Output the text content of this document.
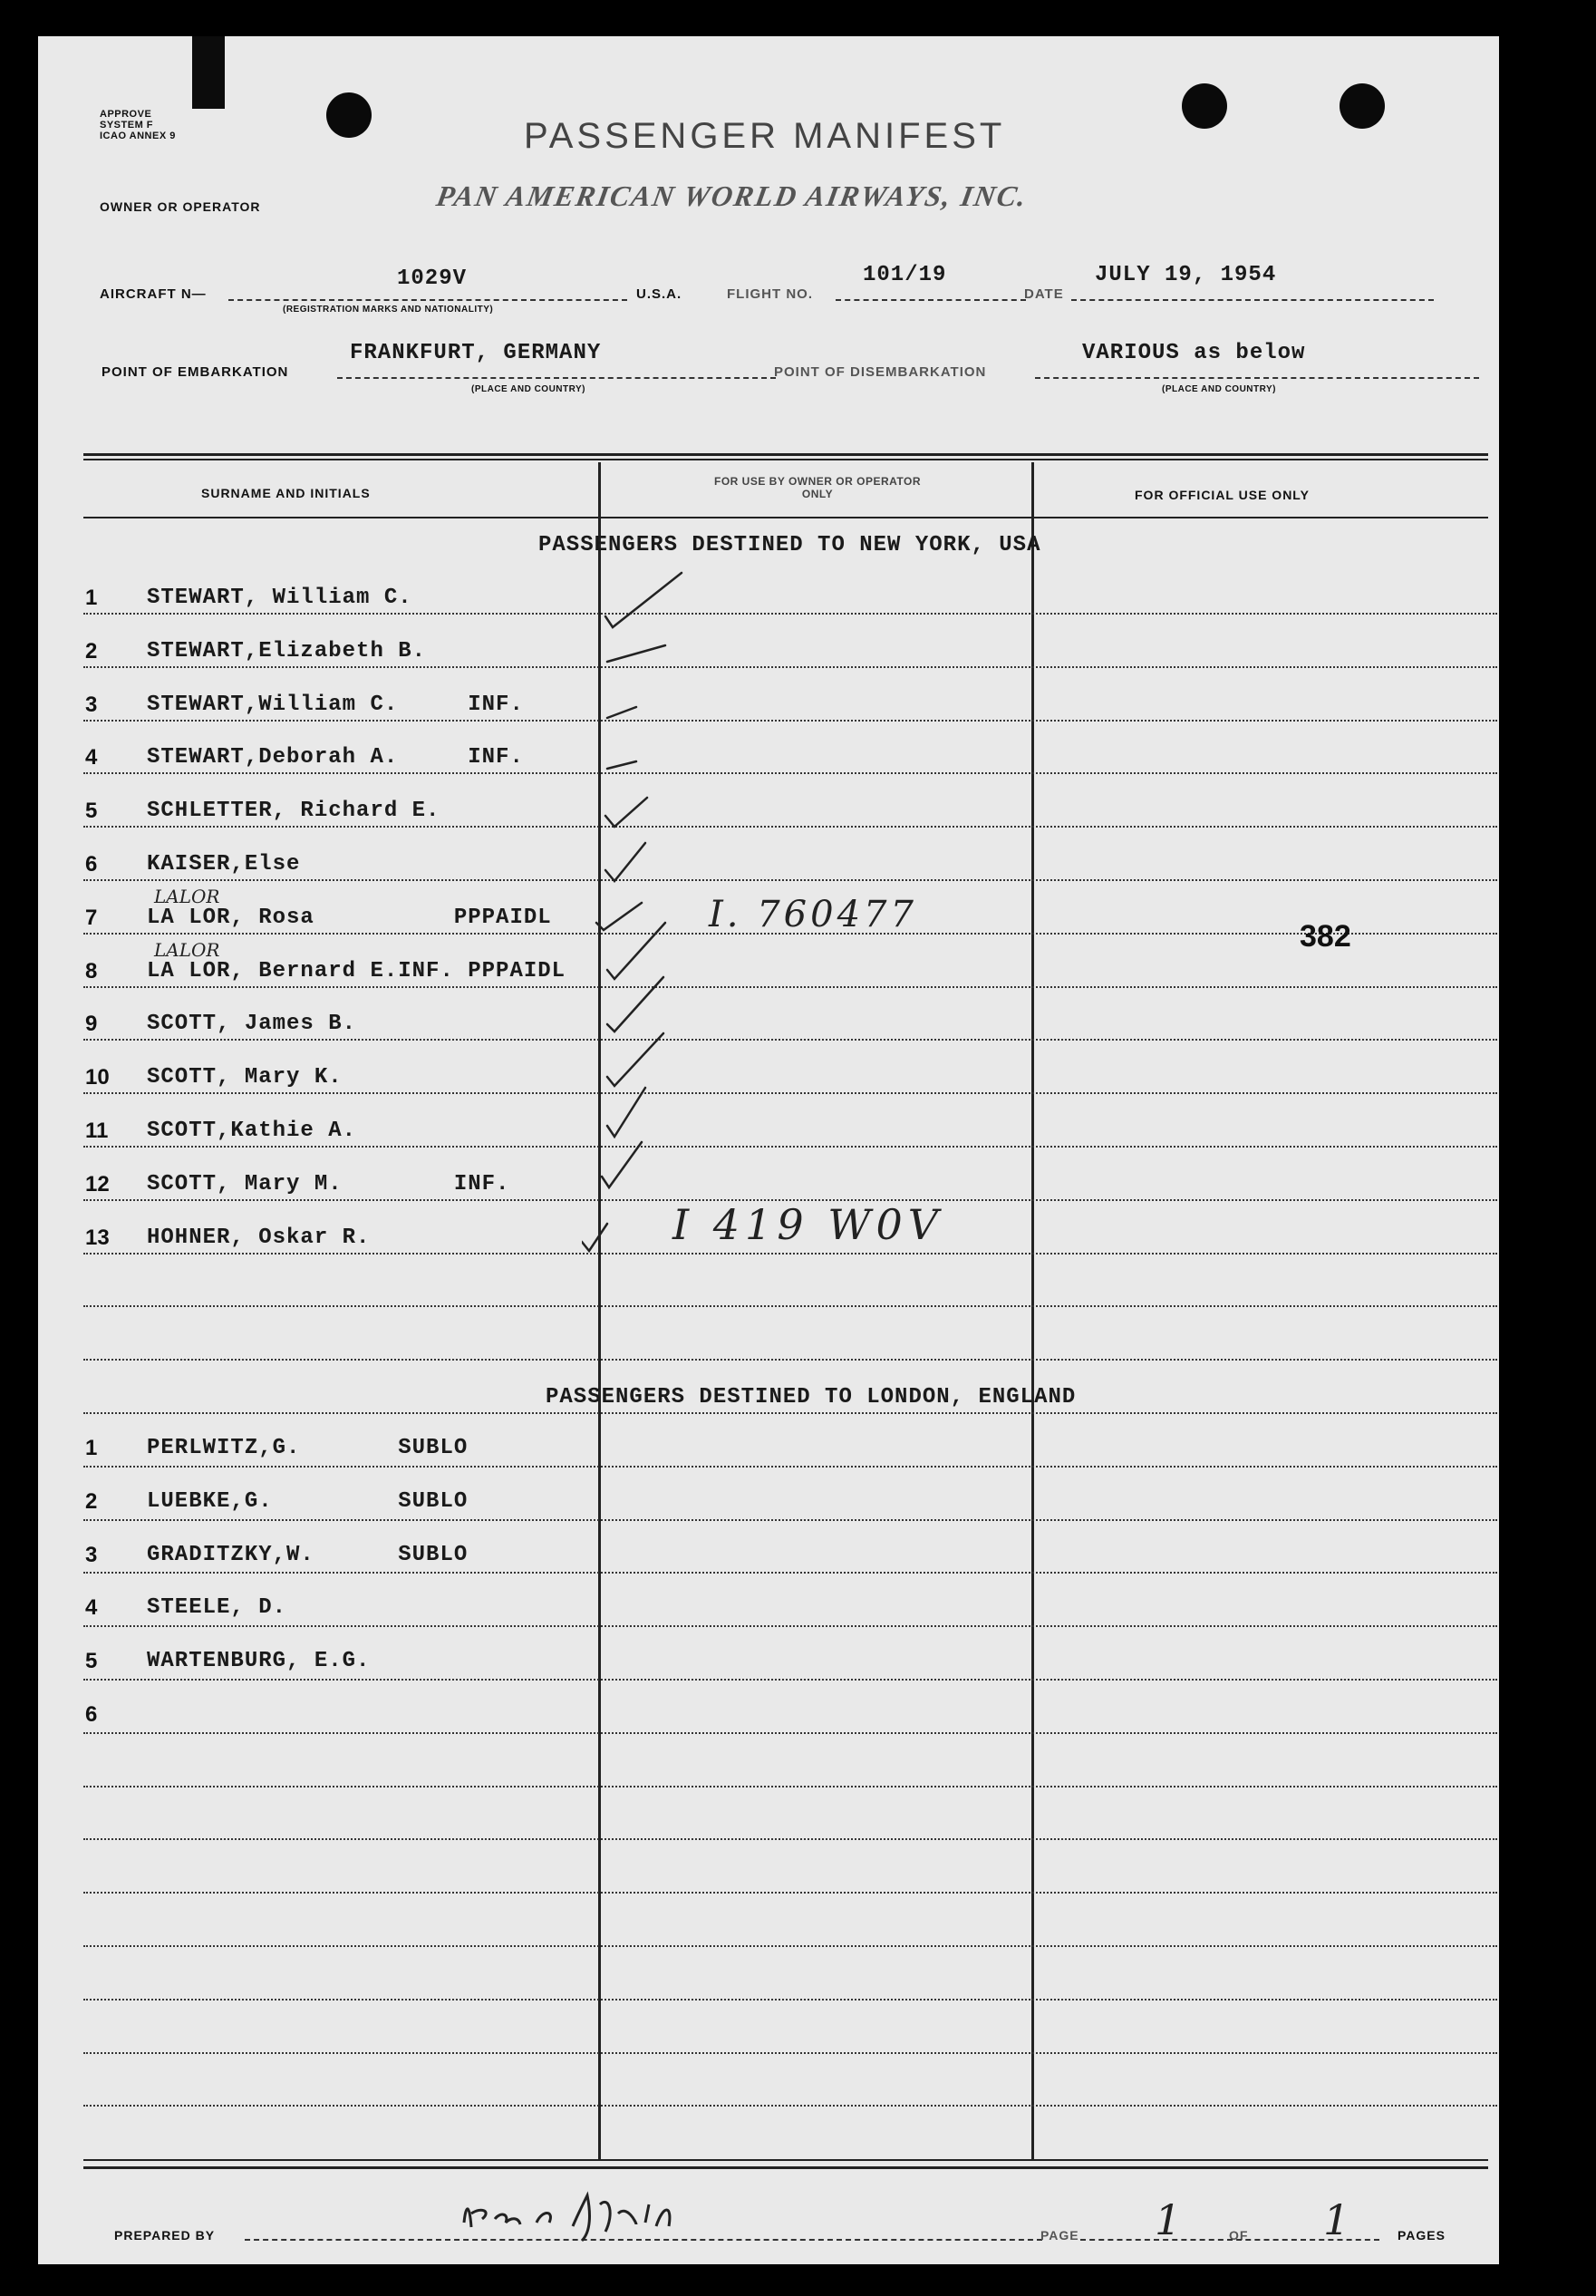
APPROVE
SYSTEM F
ICAO ANNEX 9	PASSENGER MANIFEST
OWNER OR OPERATOR	PAN AMERICAN WORLD AIRWAYS, INC.
AIRCRAFT N—
1029V
(REGISTRATION MARKS AND NATIONALITY)
U.S.A.	FLIGHT NO.
101/19
DATE
JULY 19, 1954
POINT OF EMBARKATION
FRANKFURT, GERMANY
(PLACE AND COUNTRY)
POINT OF DISEMBARKATION
VARIOUS as below
(PLACE AND COUNTRY)
SURNAME AND INITIALS
FOR USE BY OWNER OR OPERATOR ONLY	FOR OFFICIAL USE ONLY
PASSENGERS DESTINED TO NEW YORK, USA
1 STEWART, William C.
2 STEWART,Elizabeth B.
3 STEWART,William C.     INF.
4 STEWART,Deborah A.     INF.
5 SCHLETTER, Richard E.
6 KAISER,Else
7 LA LOR, Rosa          PPPAIDL
LALOR
8 LA LOR, Bernard E.INF. PPPAIDL
LALOR
9 SCOTT, James B.
10 SCOTT, Mary K.
11 SCOTT,Kathie A.
12 SCOTT, Mary M.        INF.
13 HOHNER, Oskar R.
I. 760477
I 419 W0V
382
PASSENGERS DESTINED TO LONDON, ENGLAND
1 PERLWITZ,G.       SUBLO
2 LUEBKE,G.         SUBLO
3 GRADITZKY,W.      SUBLO
4 STEELE, D.
5 WARTENBURG, E.G.
6
PREPARED BY	PAGE 1	OF 1	PAGES
